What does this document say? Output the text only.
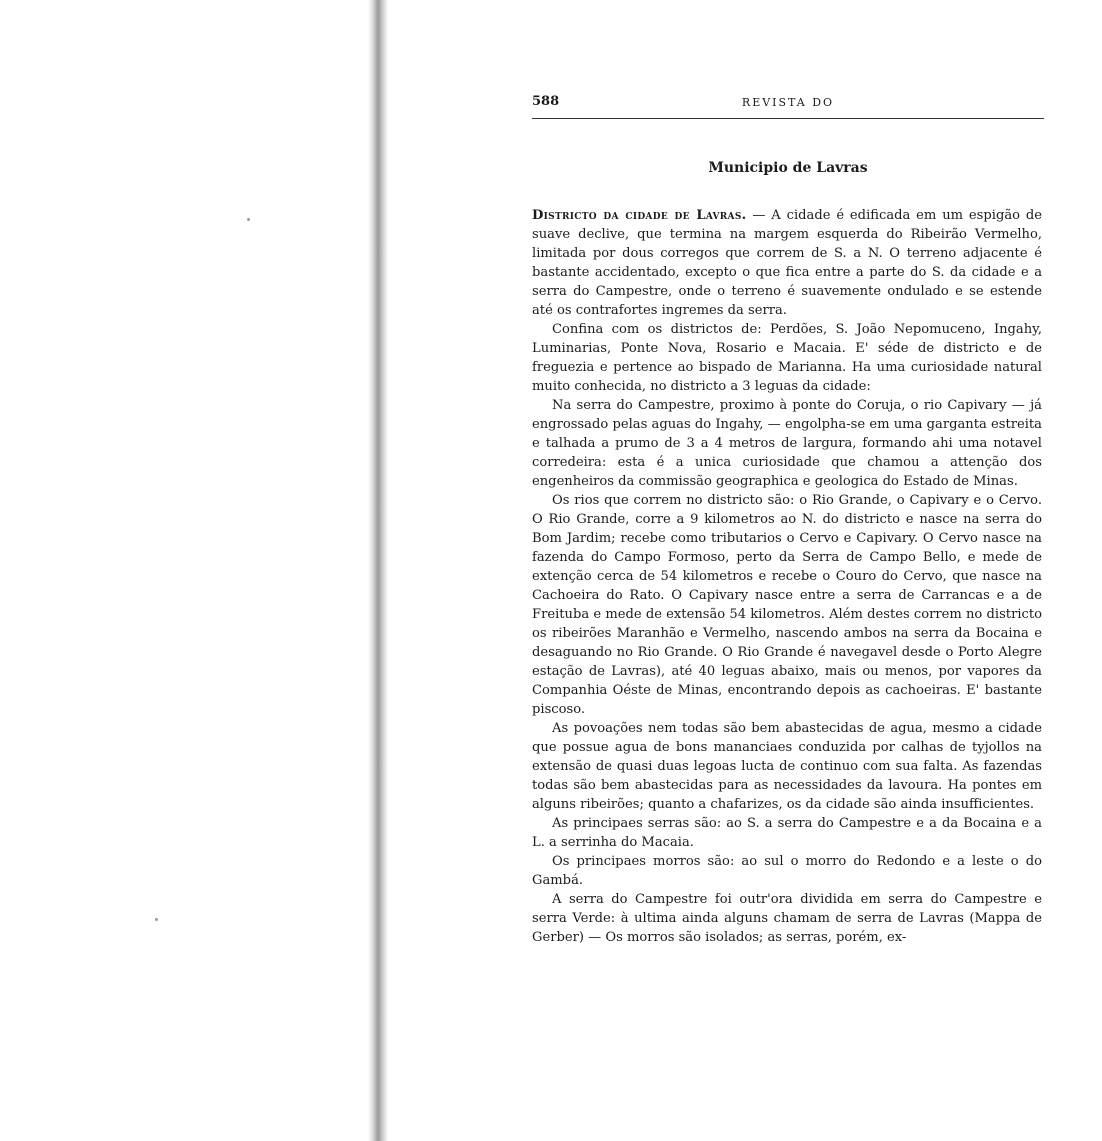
588	REVISTA DO
Municipio de Lavras

Districto da cidade de Lavras. — A cidade é edificada em um espigão de suave declive, que termina na margem esquerda do Ribeirão Vermelho, limitada por dous corregos que correm de S. a N. O terreno adjacente é bastante accidentado, excepto o que fica entre a parte do S. da cidade e a serra do Campestre, onde o terreno é suavemente ondulado e se estende até os contrafortes ingremes da serra.

Confina com os districtos de: Perdões, S. João Nepomuceno, Ingahy, Luminarias, Ponte Nova, Rosario e Macaia. E' séde de districto e de freguezia e pertence ao bispado de Marianna. Ha uma curiosidade natural muito conhecida, no districto a 3 leguas da cidade:

Na serra do Campestre, proximo à ponte do Coruja, o rio Capivary — já engrossado pelas aguas do Ingahy, — engolpha-se em uma garganta estreita e talhada a prumo de 3 a 4 metros de largura, formando ahi uma notavel corredeira: esta é a unica curiosidade que chamou a attenção dos engenheiros da commissão geographica e geologica do Estado de Minas.

Os rios que correm no districto são: o Rio Grande, o Capivary e o Cervo. O Rio Grande, corre a 9 kilometros ao N. do districto e nasce na serra do Bom Jardim; recebe como tributarios o Cervo e Capivary. O Cervo nasce na fazenda do Campo Formoso, perto da Serra de Campo Bello, e mede de extenção cerca de 54 kilometros e recebe o Couro do Cervo, que nasce na Cachoeira do Rato. O Capivary nasce entre a serra de Carrancas e a de Freituba e mede de extensão 54 kilometros. Além destes correm no districto os ribeirões Maranhão e Vermelho, nascendo ambos na serra da Bocaina e desaguando no Rio Grande. O Rio Grande é navegavel desde o Porto Alegre estação de Lavras), até 40 leguas abaixo, mais ou menos, por vapores da Companhia Oéste de Minas, encontrando depois as cachoeiras. E' bastante piscoso.

As povoações nem todas são bem abastecidas de agua, mesmo a cidade que possue agua de bons mananciaes conduzida por calhas de tyjollos na extensão de quasi duas legoas lucta de continuo com sua falta. As fazendas todas são bem abastecidas para as necessidades da lavoura. Ha pontes em alguns ribeirões; quanto a chafarizes, os da cidade são ainda insufficientes.

As principaes serras são: ao S. a serra do Campestre e a da Bocaina e a L. a serrinha do Macaia.

Os principaes morros são: ao sul o morro do Redondo e a leste o do Gambá.

A serra do Campestre foi outr'ora dividida em serra do Campestre e serra Verde: à ultima ainda alguns chamam de serra de Lavras (Mappa de Gerber) — Os morros são isolados; as serras, porém, ex-
